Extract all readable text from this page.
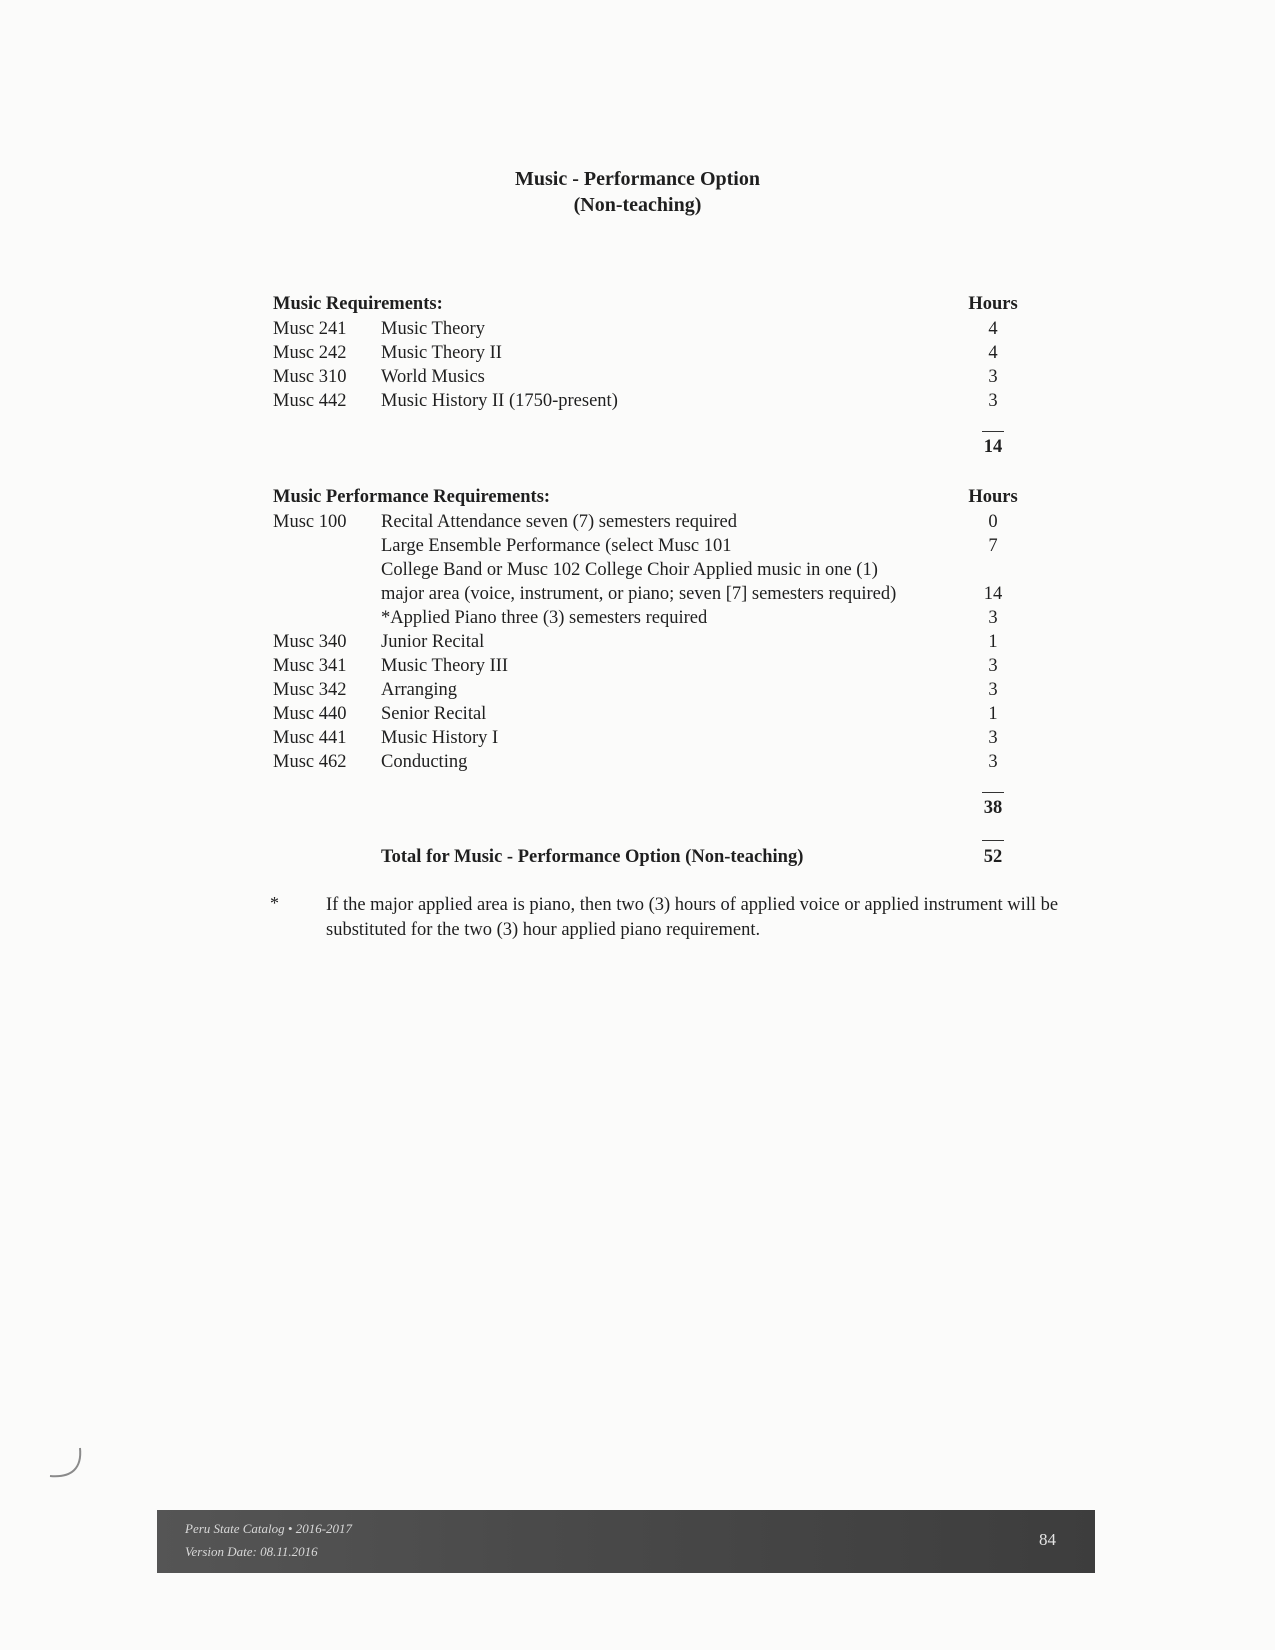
Music - Performance Option
(Non-teaching)
Music Requirements:	Hours
Musc 241 Music Theory	4
Musc 242 Music Theory II	4
Musc 310 World Musics	3
Musc 442 Music History II (1750-present)	3
14
Music Performance Requirements:	Hours
Musc 100 Recital Attendance seven (7) semesters required	0
Large Ensemble Performance (select Musc 101	7
College Band or Musc 102 College Choir Applied music in one (1)
major area (voice, instrument, or piano; seven [7] semesters required)	14
*Applied Piano three (3) semesters required	3
Musc 340 Junior Recital	1
Musc 341 Music Theory III	3
Musc 342 Arranging	3
Musc 440 Senior Recital	1
Musc 441 Music History I	3
Musc 462 Conducting	3
38
Total for Music - Performance Option (Non-teaching)	52
*	If the major applied area is piano, then two (3) hours of applied voice or applied instrument will be substituted for the two (3) hour applied piano requirement.
Peru State Catalog • 2016-2017
Version Date: 08.11.2016
84
